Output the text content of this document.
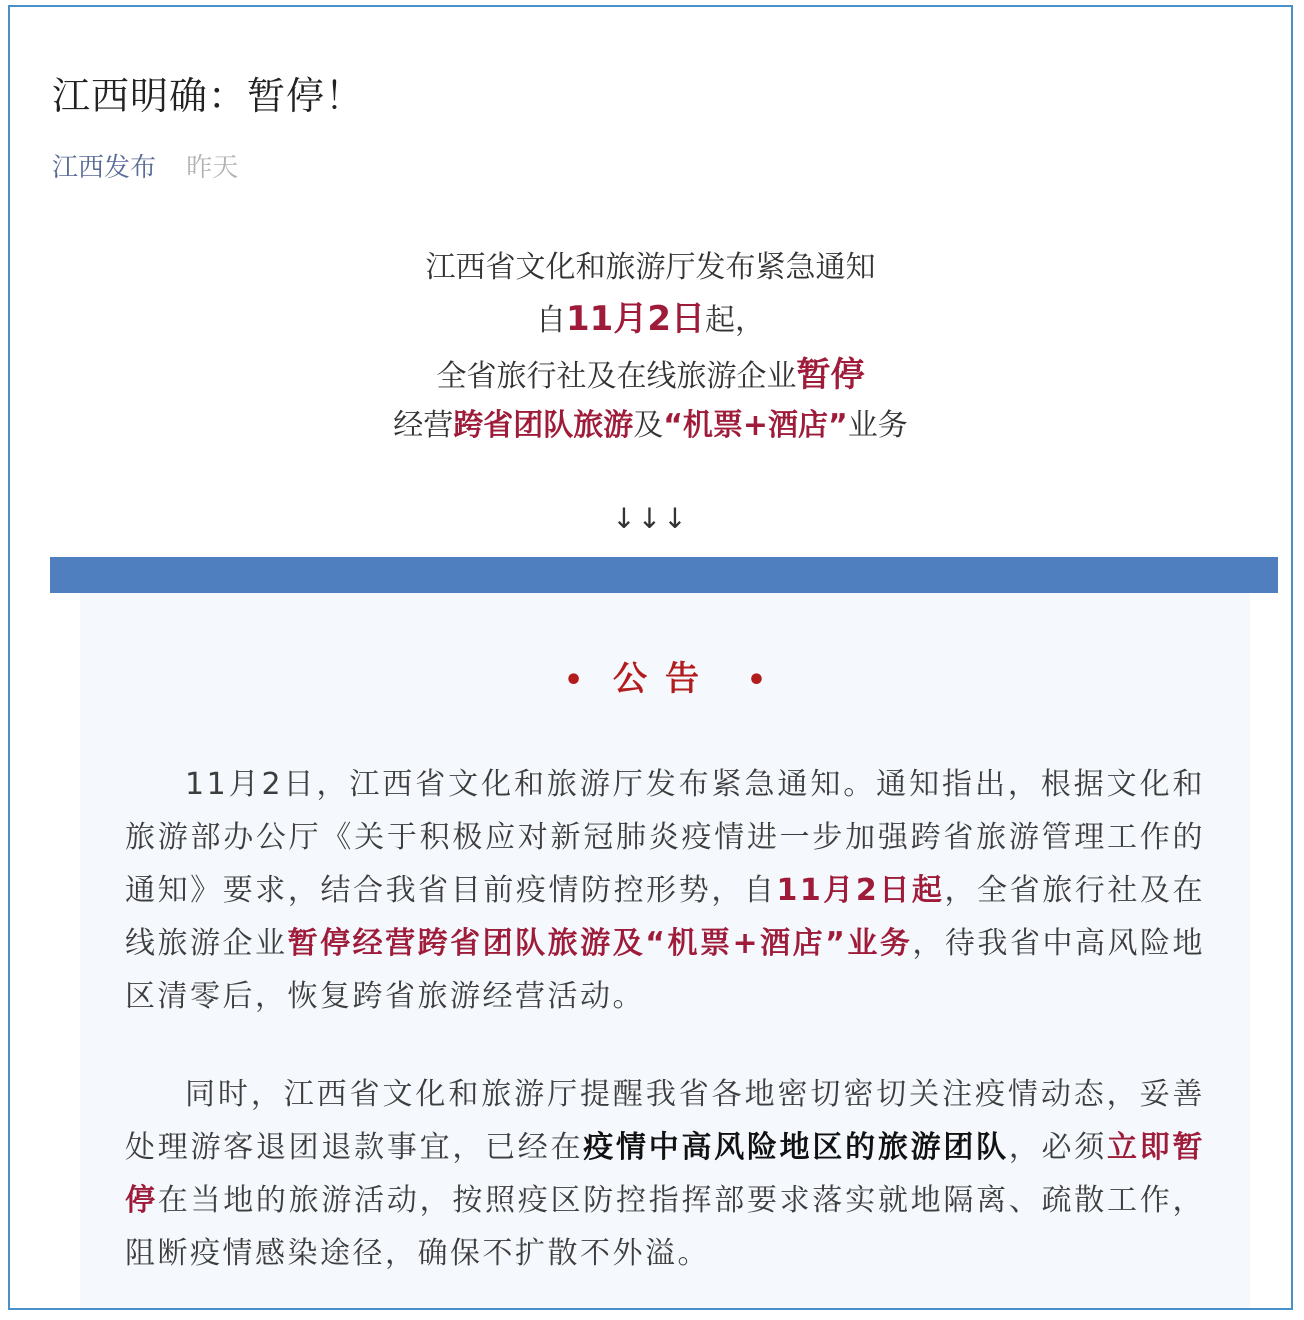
江西明确：暂停！
江西发布 昨天
江西省文化和旅游厅发布紧急通知
自11月2日起，
全省旅行社及在线旅游企业暂停
经营跨省团队旅游及“机票+酒店”业务
↓↓↓
• 公告 •

11月2日，江西省文化和旅游厅发布紧急通知。通知指出，根据文化和旅游部办公厅《关于积极应对新冠肺炎疫情进一步加强跨省旅游管理工作的通知》要求，结合我省目前疫情防控形势，自11月2日起，全省旅行社及在线旅游企业暂停经营跨省团队旅游及“机票+酒店”业务，待我省中高风险地区清零后，恢复跨省旅游经营活动。

同时，江西省文化和旅游厅提醒我省各地密切密切关注疫情动态，妥善处理游客退团退款事宜，已经在疫情中高风险地区的旅游团队，必须立即暂停在当地的旅游活动，按照疫区防控指挥部要求落实就地隔离、疏散工作，阻断疫情感染途径，确保不扩散不外溢。
